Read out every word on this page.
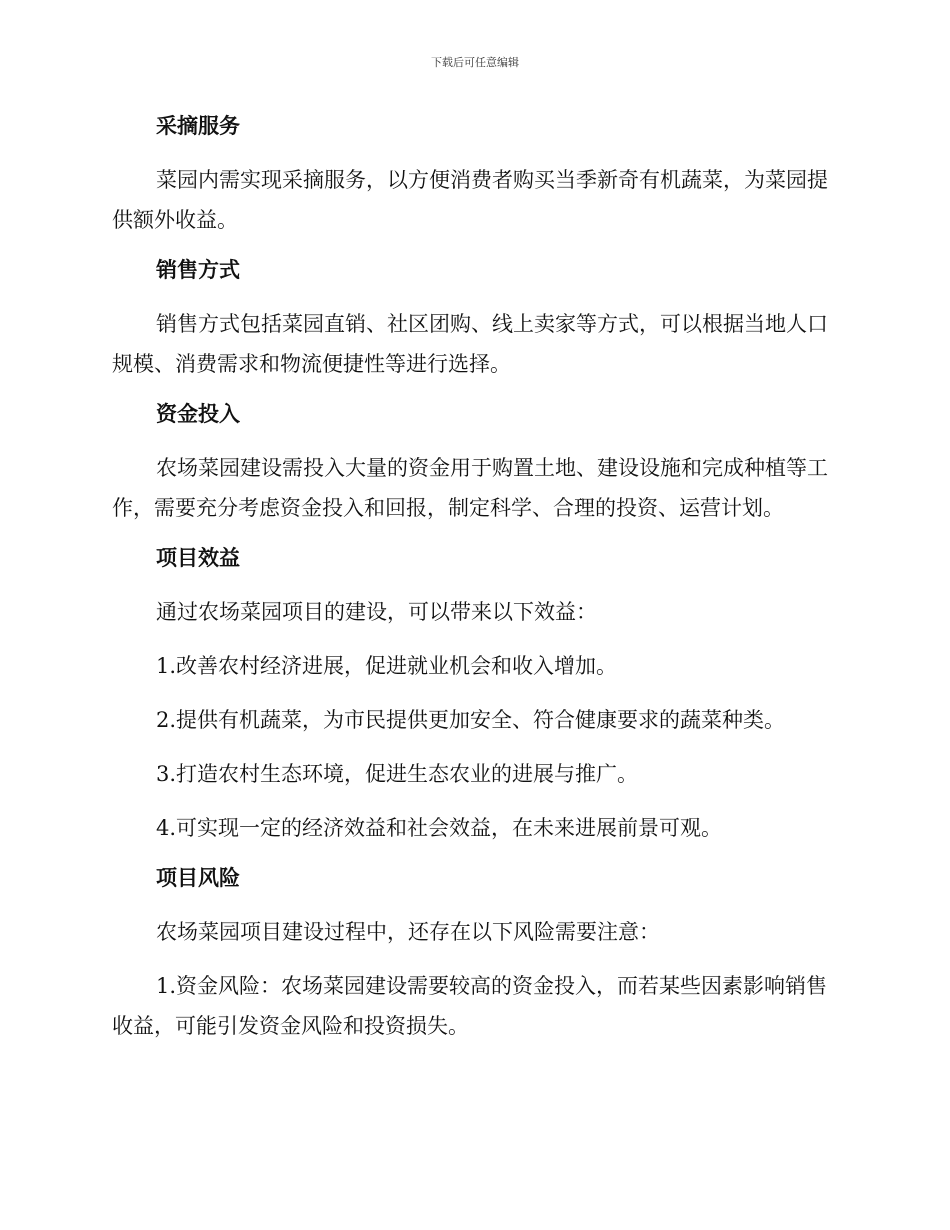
下载后可任意编辑
采摘服务

菜园内需实现采摘服务，以方便消费者购买当季新奇有机蔬菜，为菜园提供额外收益。

销售方式

销售方式包括菜园直销、社区团购、线上卖家等方式，可以根据当地人口规模、消费需求和物流便捷性等进行选择。

资金投入

农场菜园建设需投入大量的资金用于购置土地、建设设施和完成种植等工作，需要充分考虑资金投入和回报，制定科学、合理的投资、运营计划。

项目效益

通过农场菜园项目的建设，可以带来以下效益：

1.改善农村经济进展，促进就业机会和收入增加。

2.提供有机蔬菜，为市民提供更加安全、符合健康要求的蔬菜种类。

3.打造农村生态环境，促进生态农业的进展与推广。

4.可实现一定的经济效益和社会效益，在未来进展前景可观。

项目风险

农场菜园项目建设过程中，还存在以下风险需要注意：

1.资金风险：农场菜园建设需要较高的资金投入，而若某些因素影响销售收益，可能引发资金风险和投资损失。
